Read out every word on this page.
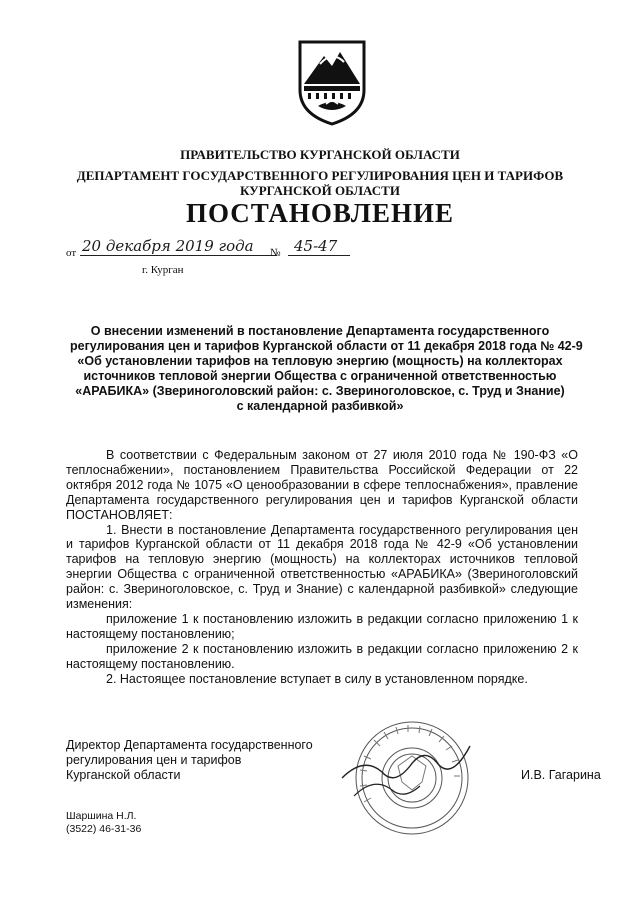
ПРАВИТЕЛЬСТВО КУРГАНСКОЙ ОБЛАСТИ
ДЕПАРТАМЕНТ ГОСУДАРСТВЕННОГО РЕГУЛИРОВАНИЯ ЦЕН И ТАРИФОВ
КУРГАНСКОЙ ОБЛАСТИ
ПОСТАНОВЛЕНИЕ
от 20 декабря 2019 года	№ 45-47
г. Курган
О внесении изменений в постановление Департамента государственного
регулирования цен и тарифов Курганской области от 11 декабря 2018 года № 42-9
«Об установлении тарифов на тепловую энергию (мощность) на коллекторах
источников тепловой энергии Общества с ограниченной ответственностью
«АРАБИКА» (Звериноголовский район: с. Звериноголовское, с. Труд и Знание)
с календарной разбивкой»

В соответствии с Федеральным законом от 27 июля 2010 года № 190-ФЗ «О теплоснабжении», постановлением Правительства Российской Федерации от 22 октября 2012 года № 1075 «О ценообразовании в сфере теплоснабжения», правление Департамента государственного регулирования цен и тарифов Курганской области ПОСТАНОВЛЯЕТ:

1. Внести в постановление Департамента государственного регулирования цен и тарифов Курганской области от 11 декабря 2018 года № 42-9 «Об установлении тарифов на тепловую энергию (мощность) на коллекторах источников тепловой энергии Общества с ограниченной ответственностью «АРАБИКА» (Звериноголовский район: с. Звериноголовское, с. Труд и Знание) с календарной разбивкой» следующие изменения:

приложение 1 к постановлению изложить в редакции согласно приложению 1 к настоящему постановлению;

приложение 2 к постановлению изложить в редакции согласно приложению 2 к настоящему постановлению.

2. Настоящее постановление вступает в силу в установленном порядке.

Директор Департамента государственного
регулирования цен и тарифов
Курганской области	И.В. Гагарина
Шаршина Н.Л.
(3522) 46-31-36
